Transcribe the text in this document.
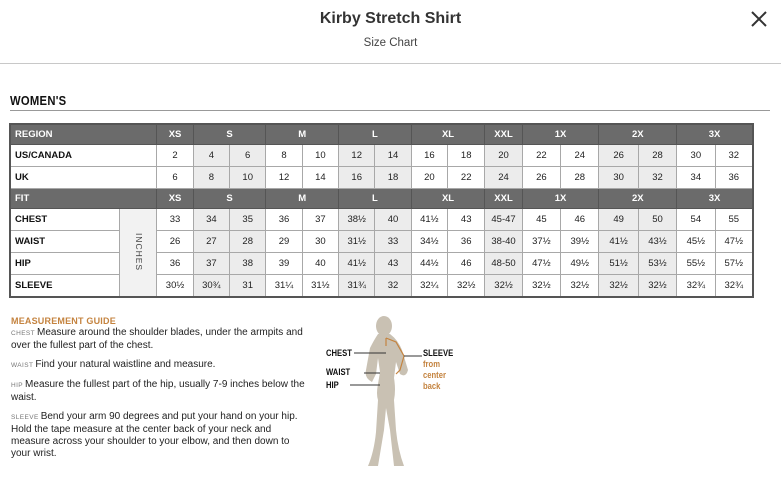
Kirby Stretch Shirt
Size Chart
WOMEN'S
REGION		XS	S		M		L		XL		XXL	1X		2X		3X	
US/CANADA		2	4	6	8	10	12	14	16	18	20	22	24	26	28	30	32
UK		6	8	10	12	14	16	18	20	22	24	26	28	30	32	34	36
FIT		XS	S		M		L		XL		XXL	1X		2X		3X	
CHEST	INCHES	33	34	35	36	37	38½	40	41½	43	45-47	45	46	49	50	54	55
WAIST		26	27	28	29	30	31½	33	34½	36	38-40	37½	39½	41½	43½	45½	47½
HIP		36	37	38	39	40	41½	43	44½	46	48-50	47½	49½	51½	53½	55½	57½
SLEEVE		30½	30¾	31	31¼	31½	31¾	32	32¼	32½	32½	32½	32½	32½	32½	32¾	32¾
MEASUREMENT GUIDE
CHEST Measure around the shoulder blades, under the armpits and over the fullest part of the chest.
WAIST Find your natural waistline and measure.
HIP Measure the fullest part of the hip, usually 7-9 inches below the waist.
SLEEVE Bend your arm 90 degrees and put your hand on your hip. Hold the tape measure at the center back of your neck and measure across your shoulder to your elbow, and then down to your wrist.
CHEST
WAIST
HIP
SLEEVE
from
center
back
